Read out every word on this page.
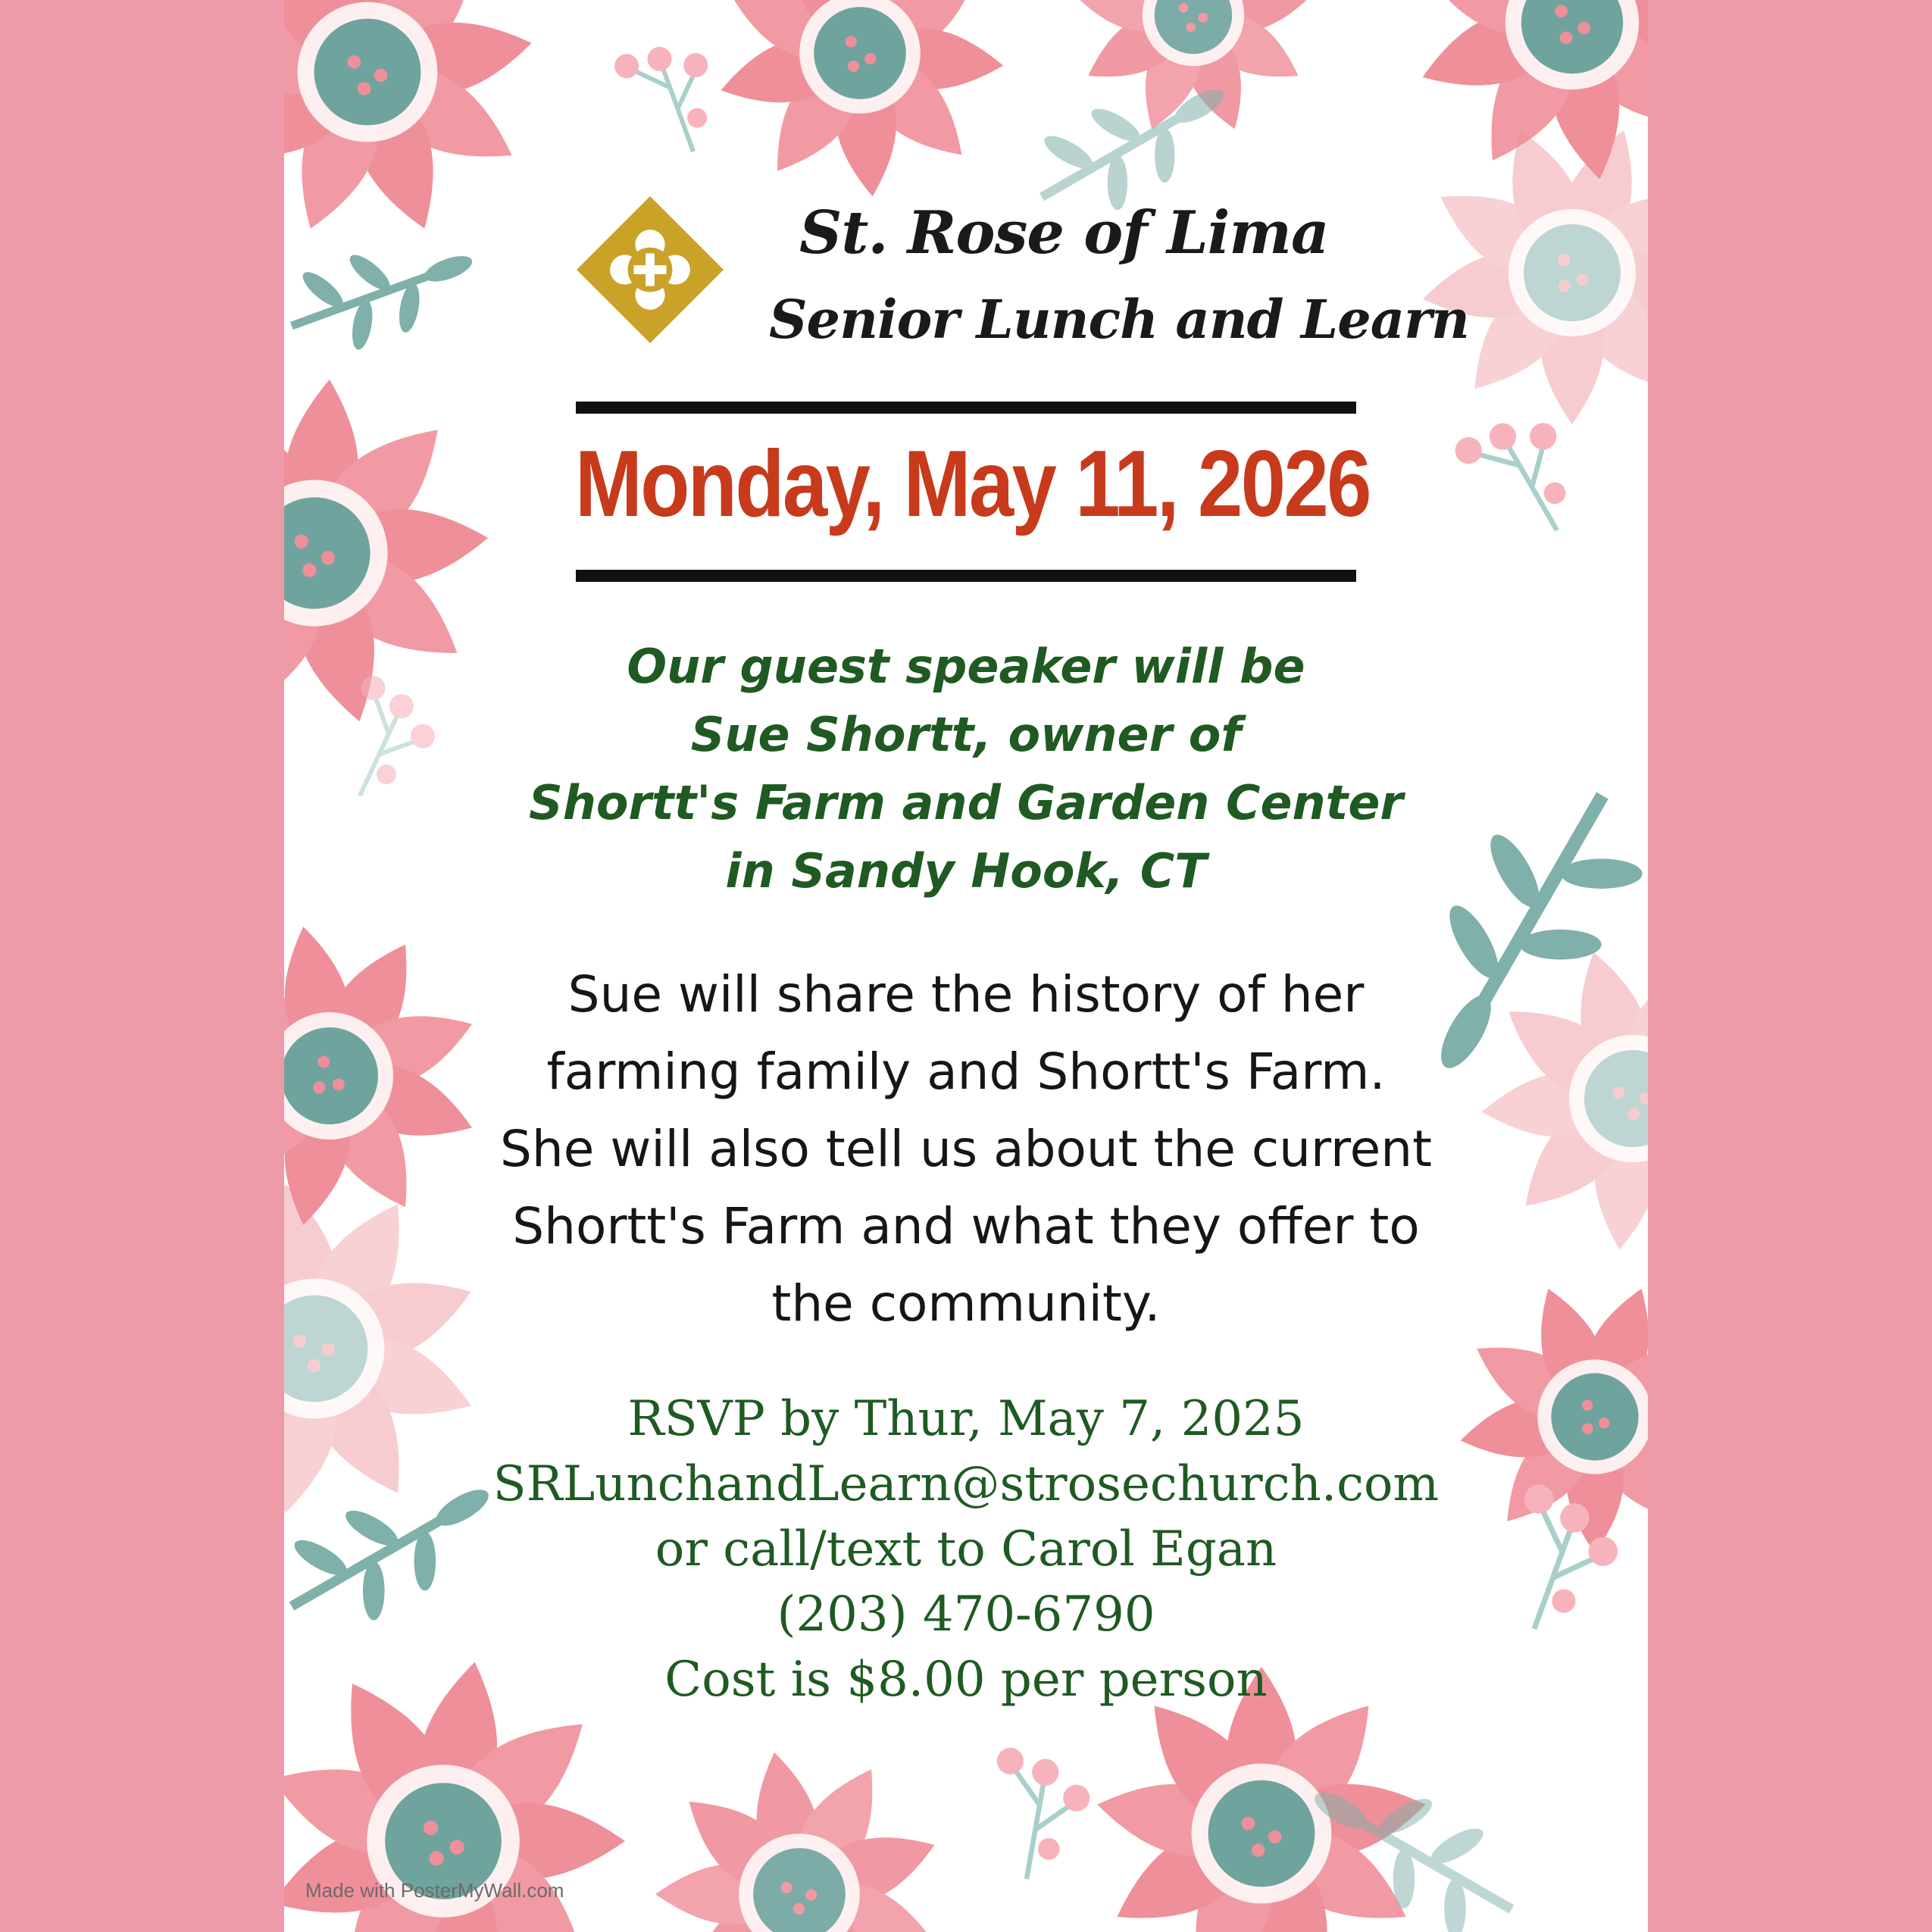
St. Rose of Lima
Senior Lunch and Learn
Monday, May 11, 2026
Our guest speaker will be
Sue Shortt, owner of
Shortt's Farm and Garden Center
in Sandy Hook, CT
Sue will share the history of her
farming family and Shortt's Farm.
She will also tell us about the current
Shortt's Farm and what they offer to
the community.
RSVP by Thur, May 7, 2025
SRLunchandLearn@strosechurch.com
or call/text to Carol Egan
(203) 470-6790
Cost is $8.00 per person
Made with PosterMyWall.com
